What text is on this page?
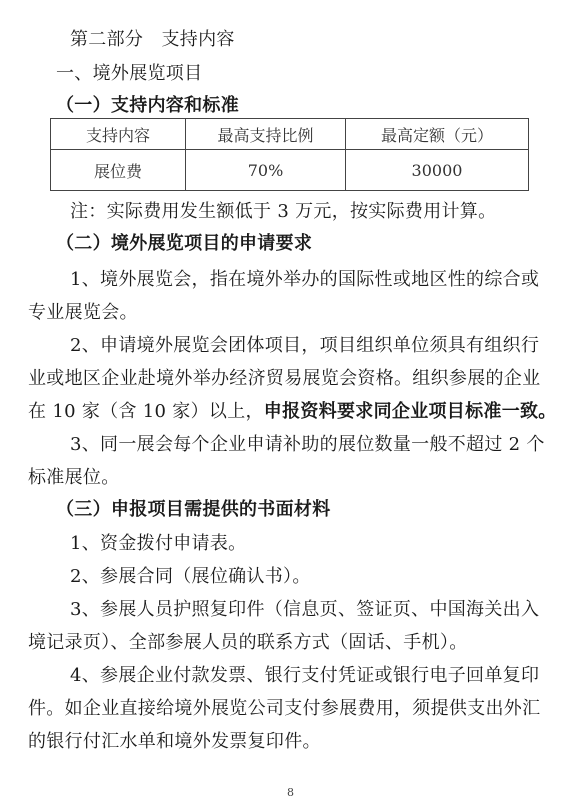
第二部分　支持内容
一、境外展览项目
（一）支持内容和标准
支持内容	最高支持比例	最高定额（元）
展位费	70%	30000
注：实际费用发生额低于 3 万元，按实际费用计算。
（二）境外展览项目的申请要求
1、境外展览会，指在境外举办的国际性或地区性的综合或
专业展览会。
2、申请境外展览会团体项目，项目组织单位须具有组织行
业或地区企业赴境外举办经济贸易展览会资格。组织参展的企业
在 10 家（含 10 家）以上，申报资料要求同企业项目标准一致。
3、同一展会每个企业申请补助的展位数量一般不超过 2 个
标准展位。
（三）申报项目需提供的书面材料
1、资金拨付申请表。
2、参展合同（展位确认书）。
3、参展人员护照复印件（信息页、签证页、中国海关出入
境记录页）、全部参展人员的联系方式（固话、手机）。
4、参展企业付款发票、银行支付凭证或银行电子回单复印
件。如企业直接给境外展览公司支付参展费用，须提供支出外汇
的银行付汇水单和境外发票复印件。
8
